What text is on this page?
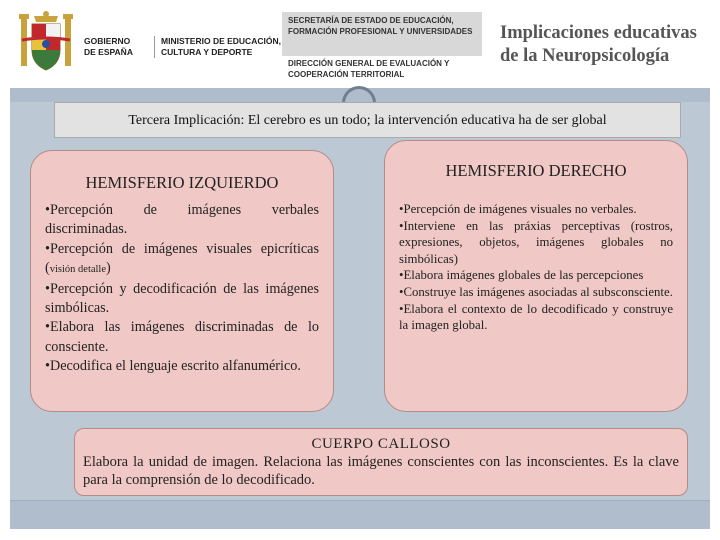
GOBIERNO DE ESPAÑA
MINISTERIO DE EDUCACIÓN, CULTURA Y DEPORTE
SECRETARÍA DE ESTADO DE EDUCACIÓN, FORMACIÓN PROFESIONAL Y UNIVERSIDADES
DIRECCIÓN GENERAL DE EVALUACIÓN Y COOPERACIÓN TERRITORIAL
Implicaciones educativas de la Neuropsicología
Tercera Implicación: El cerebro es un todo; la intervención educativa ha de ser global
HEMISFERIO IZQUIERDO
•Percepción de imágenes verbales discriminadas.
•Percepción de imágenes visuales epicríticas (visión detalle)
•Percepción y decodificación de las imágenes simbólicas.
•Elabora las imágenes discriminadas de lo consciente.
•Decodifica el lenguaje escrito alfanumérico.
HEMISFERIO DERECHO
•Percepción de imágenes visuales no verbales.
•Interviene en las práxias perceptivas (rostros, expresiones, objetos, imágenes globales no simbólicas)
•Elabora imágenes globales de las percepciones
•Construye las imágenes asociadas al subsconsciente.
•Elabora el contexto de lo decodificado y construye la imagen global.
CUERPO CALLOSO

Elabora la unidad de imagen. Relaciona las imágenes conscientes con las inconscientes. Es la clave para la comprensión de lo decodificado.
